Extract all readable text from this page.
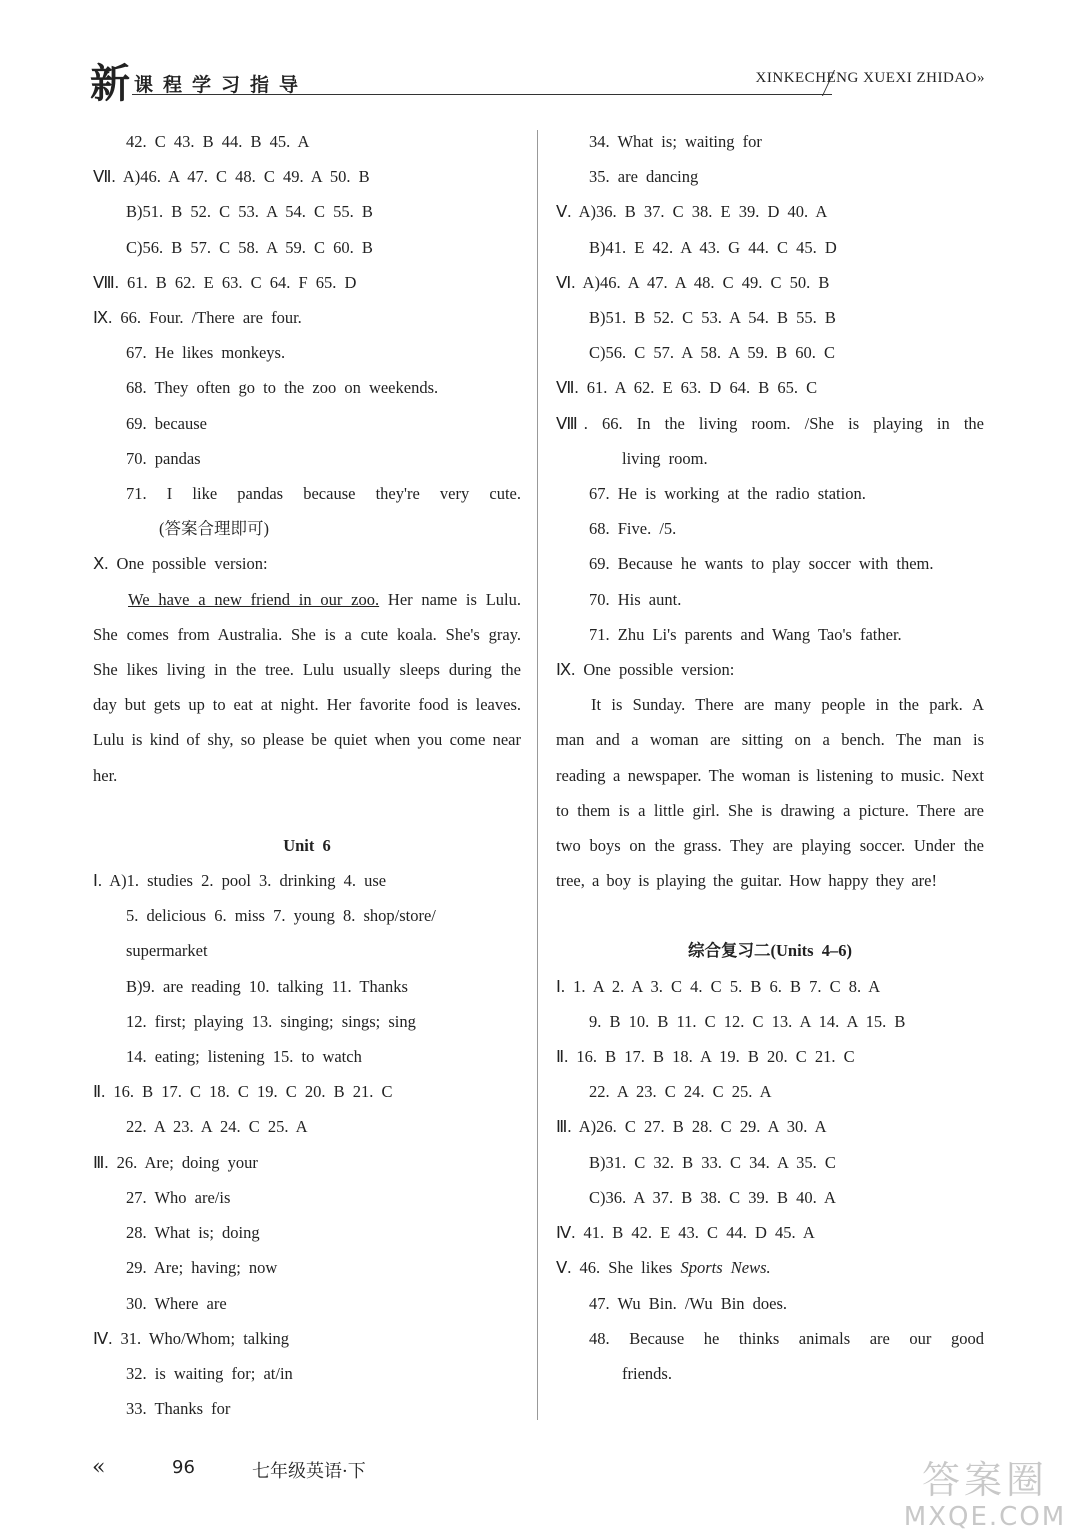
新 课程学习指导	XINKECHENG XUEXI ZHIDAO»
42. C 43. B 44. B 45. A
Ⅶ. A)46. A 47. C 48. C 49. A 50. B
B)51. B 52. C 53. A 54. C 55. B
C)56. B 57. C 58. A 59. C 60. B
Ⅷ. 61. B 62. E 63. C 64. F 65. D
Ⅸ. 66. Four. /There are four.
67. He likes monkeys.
68. They often go to the zoo on weekends.
69. because
70. pandas
71. I like pandas because they're very cute.
(答案合理即可)
Ⅹ. One possible version:
We have a new friend in our zoo. Her name is Lulu. She comes from Australia. She is a cute koala. She's gray. She likes living in the tree. Lulu usually sleeps during the day but gets up to eat at night. Her favorite food is leaves. Lulu is kind of shy, so please be quiet when you come near her.
Unit 6
Ⅰ. A)1. studies 2. pool 3. drinking 4. use
5. delicious 6. miss 7. young 8. shop/store/
supermarket
B)9. are reading 10. talking 11. Thanks
12. first; playing 13. singing; sings; sing
14. eating; listening 15. to watch
Ⅱ. 16. B 17. C 18. C 19. C 20. B 21. C
22. A 23. A 24. C 25. A
Ⅲ. 26. Are; doing your
27. Who are/is
28. What is; doing
29. Are; having; now
30. Where are
Ⅳ. 31. Who/Whom; talking
32. is waiting for; at/in
33. Thanks for
34. What is; waiting for
35. are dancing
Ⅴ. A)36. B 37. C 38. E 39. D 40. A
B)41. E 42. A 43. G 44. C 45. D
Ⅵ. A)46. A 47. A 48. C 49. C 50. B
B)51. B 52. C 53. A 54. B 55. B
C)56. C 57. A 58. A 59. B 60. C
Ⅶ. 61. A 62. E 63. D 64. B 65. C
Ⅷ. 66. In the living room. /She is playing in the
living room.
67. He is working at the radio station.
68. Five. /5.
69. Because he wants to play soccer with them.
70. His aunt.
71. Zhu Li's parents and Wang Tao's father.
Ⅸ. One possible version:
It is Sunday. There are many people in the park. A man and a woman are sitting on a bench. The man is reading a newspaper. The woman is listening to music. Next to them is a little girl. She is drawing a picture. There are two boys on the grass. They are playing soccer. Under the tree, a boy is playing the guitar. How happy they are!
综合复习二(Units 4–6)
Ⅰ. 1. A 2. A 3. C 4. C 5. B 6. B 7. C 8. A
9. B 10. B 11. C 12. C 13. A 14. A 15. B
Ⅱ. 16. B 17. B 18. A 19. B 20. C 21. C
22. A 23. C 24. C 25. A
Ⅲ. A)26. C 27. B 28. C 29. A 30. A
B)31. C 32. B 33. C 34. A 35. C
C)36. A 37. B 38. C 39. B 40. A
Ⅳ. 41. B 42. E 43. C 44. D 45. A
Ⅴ. 46. She likes Sports News.
47. Wu Bin. /Wu Bin does.
48. Because he thinks animals are our good
friends.
«	96	七年级英语·下	答案圈
MXQE.COM
